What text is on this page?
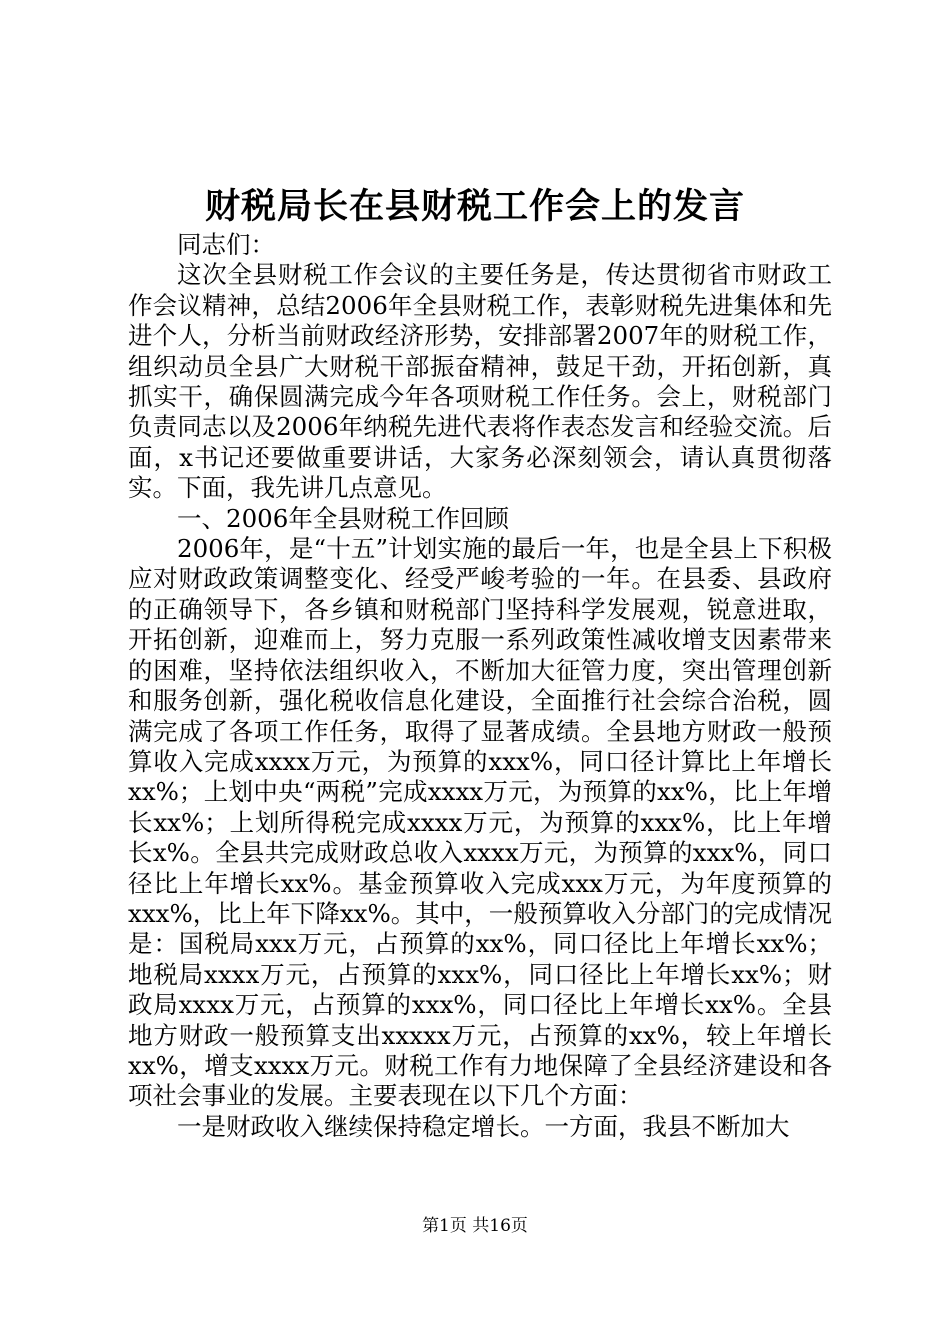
财税局长在县财税工作会上的发言

同志们：

这次全县财税工作会议的主要任务是，传达贯彻省市财政工作会议精神，总结2006年全县财税工作，表彰财税先进集体和先进个人，分析当前财政经济形势，安排部署2007年的财税工作，组织动员全县广大财税干部振奋精神，鼓足干劲，开拓创新，真抓实干，确保圆满完成今年各项财税工作任务。会上，财税部门负责同志以及2006年纳税先进代表将作表态发言和经验交流。后面，x书记还要做重要讲话，大家务必深刻领会，请认真贯彻落实。下面，我先讲几点意见。

一、2006年全县财税工作回顾

2006年，是“十五”计划实施的最后一年，也是全县上下积极应对财政政策调整变化、经受严峻考验的一年。在县委、县政府的正确领导下，各乡镇和财税部门坚持科学发展观，锐意进取，开拓创新，迎难而上，努力克服一系列政策性减收增支因素带来的困难，坚持依法组织收入，不断加大征管力度，突出管理创新和服务创新，强化税收信息化建设，全面推行社会综合治税，圆满完成了各项工作任务，取得了显著成绩。全县地方财政一般预算收入完成xxxx万元，为预算的xxx%，同口径计算比上年增长xx%；上划中央“两税”完成xxxx万元，为预算的xx%，比上年增长xx%；上划所得税完成xxxx万元，为预算的xxx%，比上年增长x%。全县共完成财政总收入xxxx万元，为预算的xxx%，同口径比上年增长xx%。基金预算收入完成xxx万元，为年度预算的xxx%，比上年下降xx%。其中，一般预算收入分部门的完成情况是：国税局xxx万元，占预算的xx%，同口径比上年增长xx%；地税局xxxx万元，占预算的xxx%，同口径比上年增长xx%；财政局xxxx万元，占预算的xxx%，同口径比上年增长xx%。全县地方财政一般预算支出xxxxx万元，占预算的xx%，较上年增长xx%，增支xxxx万元。财税工作有力地保障了全县经济建设和各项社会事业的发展。主要表现在以下几个方面：

一是财政收入继续保持稳定增长。一方面，我县不断加大

第1页 共16页
